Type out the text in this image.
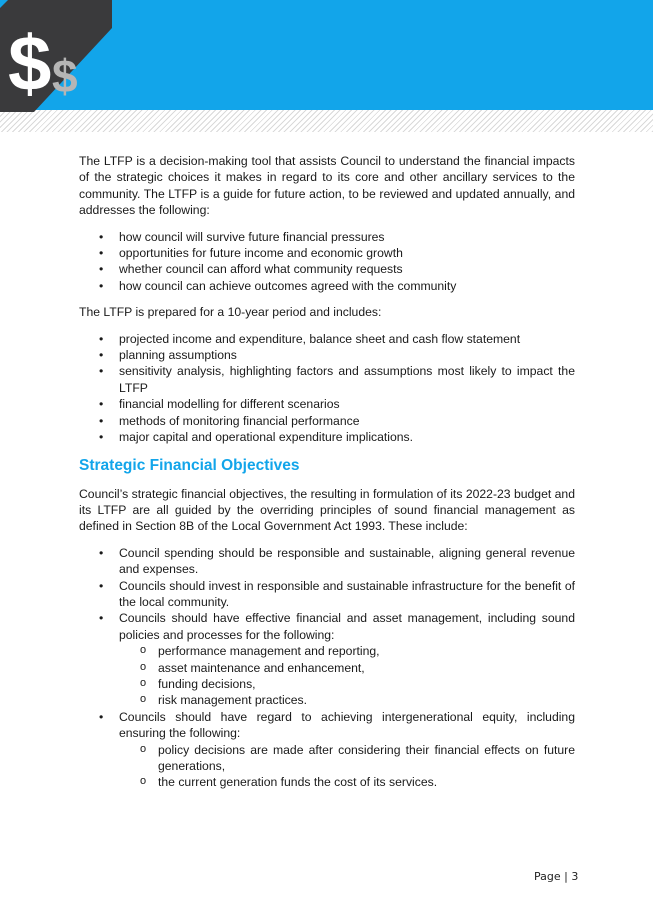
$ $

The LTFP is a decision-making tool that assists Council to understand the financial impacts of the strategic choices it makes in regard to its core and other ancillary services to the community. The LTFP is a guide for future action, to be reviewed and updated annually, and addresses the following:

• how council will survive future financial pressures
• opportunities for future income and economic growth
• whether council can afford what community requests
• how council can achieve outcomes agreed with the community

The LTFP is prepared for a 10-year period and includes:

• projected income and expenditure, balance sheet and cash flow statement
• planning assumptions
• sensitivity analysis, highlighting factors and assumptions most likely to impact the LTFP
• financial modelling for different scenarios
• methods of monitoring financial performance
• major capital and operational expenditure implications.
Strategic Financial Objectives

Council’s strategic financial objectives, the resulting in formulation of its 2022-23 budget and its LTFP are all guided by the overriding principles of sound financial management as defined in Section 8B of the Local Government Act 1993. These include:

• Council spending should be responsible and sustainable, aligning general revenue and expenses.
• Councils should invest in responsible and sustainable infrastructure for the benefit of the local community.
• Councils should have effective financial and asset management, including sound policies and processes for the following:
o performance management and reporting,
o asset maintenance and enhancement,
o funding decisions,
o risk management practices.
• Councils should have regard to achieving intergenerational equity, including ensuring the following:
o policy decisions are made after considering their financial effects on future generations,
o the current generation funds the cost of its services.
Page | 3
